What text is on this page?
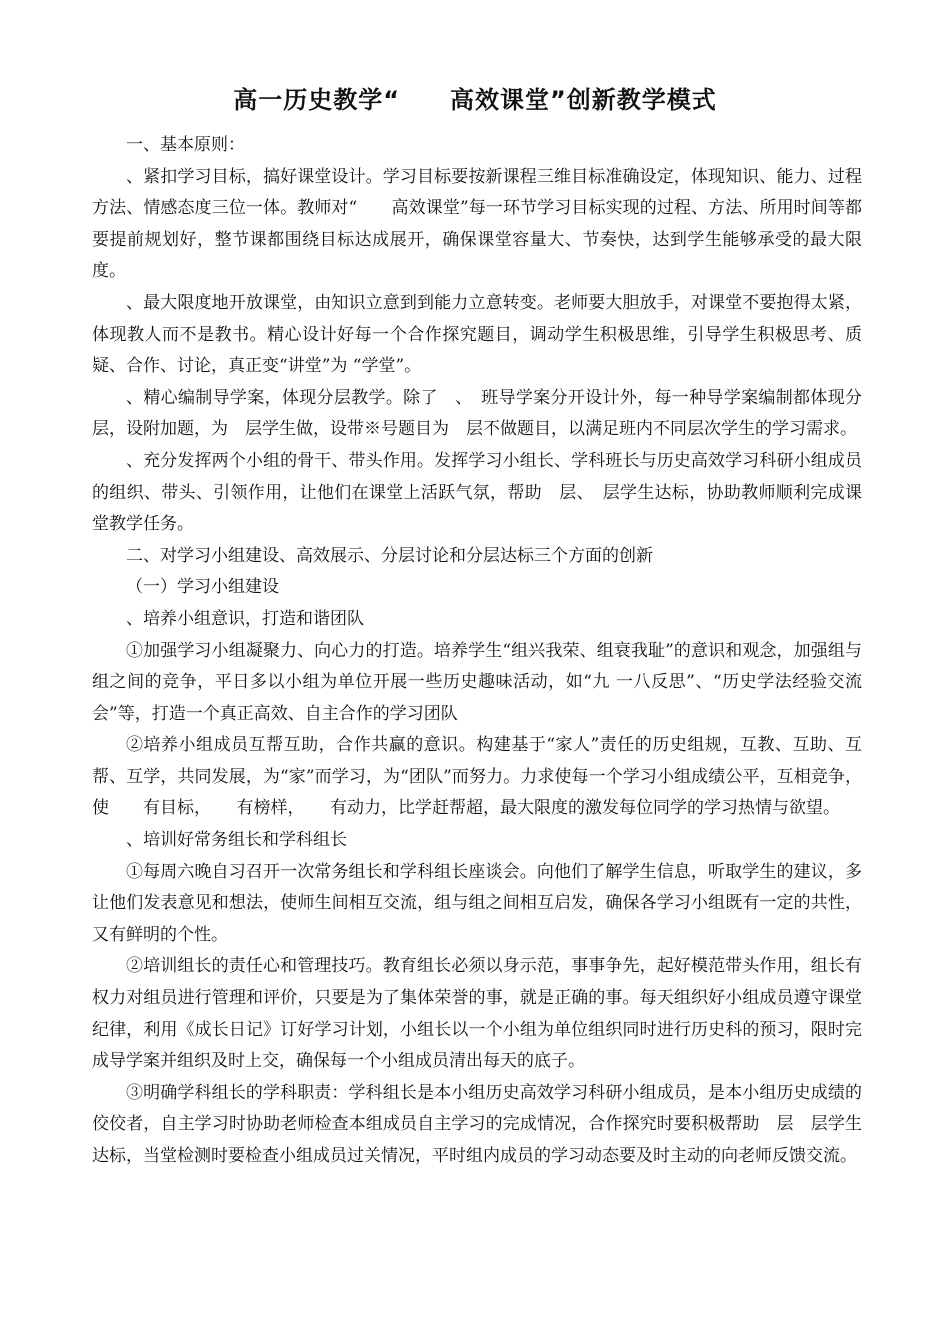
高一历史教学“　　高效课堂”创新教学模式

一、基本原则：

、紧扣学习目标，搞好课堂设计。学习目标要按新课程三维目标准确设定，体现知识、能力、过程方法、情感态度三位一体。教师对“　　高效课堂”每一环节学习目标实现的过程、方法、所用时间等都要提前规划好，整节课都围绕目标达成展开，确保课堂容量大、节奏快，达到学生能够承受的最大限度。

、最大限度地开放课堂，由知识立意到到能力立意转变。老师要大胆放手，对课堂不要抱得太紧，体现教人而不是教书。精心设计好每一个合作探究题目，调动学生积极思维，引导学生积极思考、质疑、合作、讨论，真正变“讲堂”为 “学堂”。

、精心编制导学案，体现分层教学。除了　、　班导学案分开设计外，每一种导学案编制都体现分层，设附加题，为　层学生做，设带※号题目为　层不做题目，以满足班内不同层次学生的学习需求。

、充分发挥两个小组的骨干、带头作用。发挥学习小组长、学科班长与历史高效学习科研小组成员的组织、带头、引领作用，让他们在课堂上活跃气氛，帮助　层、　层学生达标，协助教师顺利完成课堂教学任务。

二、对学习小组建设、高效展示、分层讨论和分层达标三个方面的创新

（一）学习小组建设

、培养小组意识，打造和谐团队

①加强学习小组凝聚力、向心力的打造。培养学生“组兴我荣、组衰我耻”的意识和观念，加强组与组之间的竞争，平日多以小组为单位开展一些历史趣味活动，如“九 一八反思”、“历史学法经验交流会”等，打造一个真正高效、自主合作的学习团队

②培养小组成员互帮互助，合作共赢的意识。构建基于“家人”责任的历史组规，互教、互助、互帮、互学，共同发展，为“家”而学习，为“团队”而努力。力求使每一个学习小组成绩公平，互相竞争，使　　有目标，　　有榜样，　　有动力，比学赶帮超，最大限度的激发每位同学的学习热情与欲望。

、培训好常务组长和学科组长

①每周六晚自习召开一次常务组长和学科组长座谈会。向他们了解学生信息，听取学生的建议，多让他们发表意见和想法，使师生间相互交流，组与组之间相互启发，确保各学习小组既有一定的共性，又有鲜明的个性。

②培训组长的责任心和管理技巧。教育组长必须以身示范，事事争先，起好模范带头作用，组长有权力对组员进行管理和评价，只要是为了集体荣誉的事，就是正确的事。每天组织好小组成员遵守课堂纪律，利用《成长日记》订好学习计划，小组长以一个小组为单位组织同时进行历史科的预习，限时完成导学案并组织及时上交，确保每一个小组成员清出每天的底子。

③明确学科组长的学科职责：学科组长是本小组历史高效学习科研小组成员，是本小组历史成绩的佼佼者，自主学习时协助老师检查本组成员自主学习的完成情况，合作探究时要积极帮助　层　层学生达标，当堂检测时要检查小组成员过关情况，平时组内成员的学习动态要及时主动的向老师反馈交流。
